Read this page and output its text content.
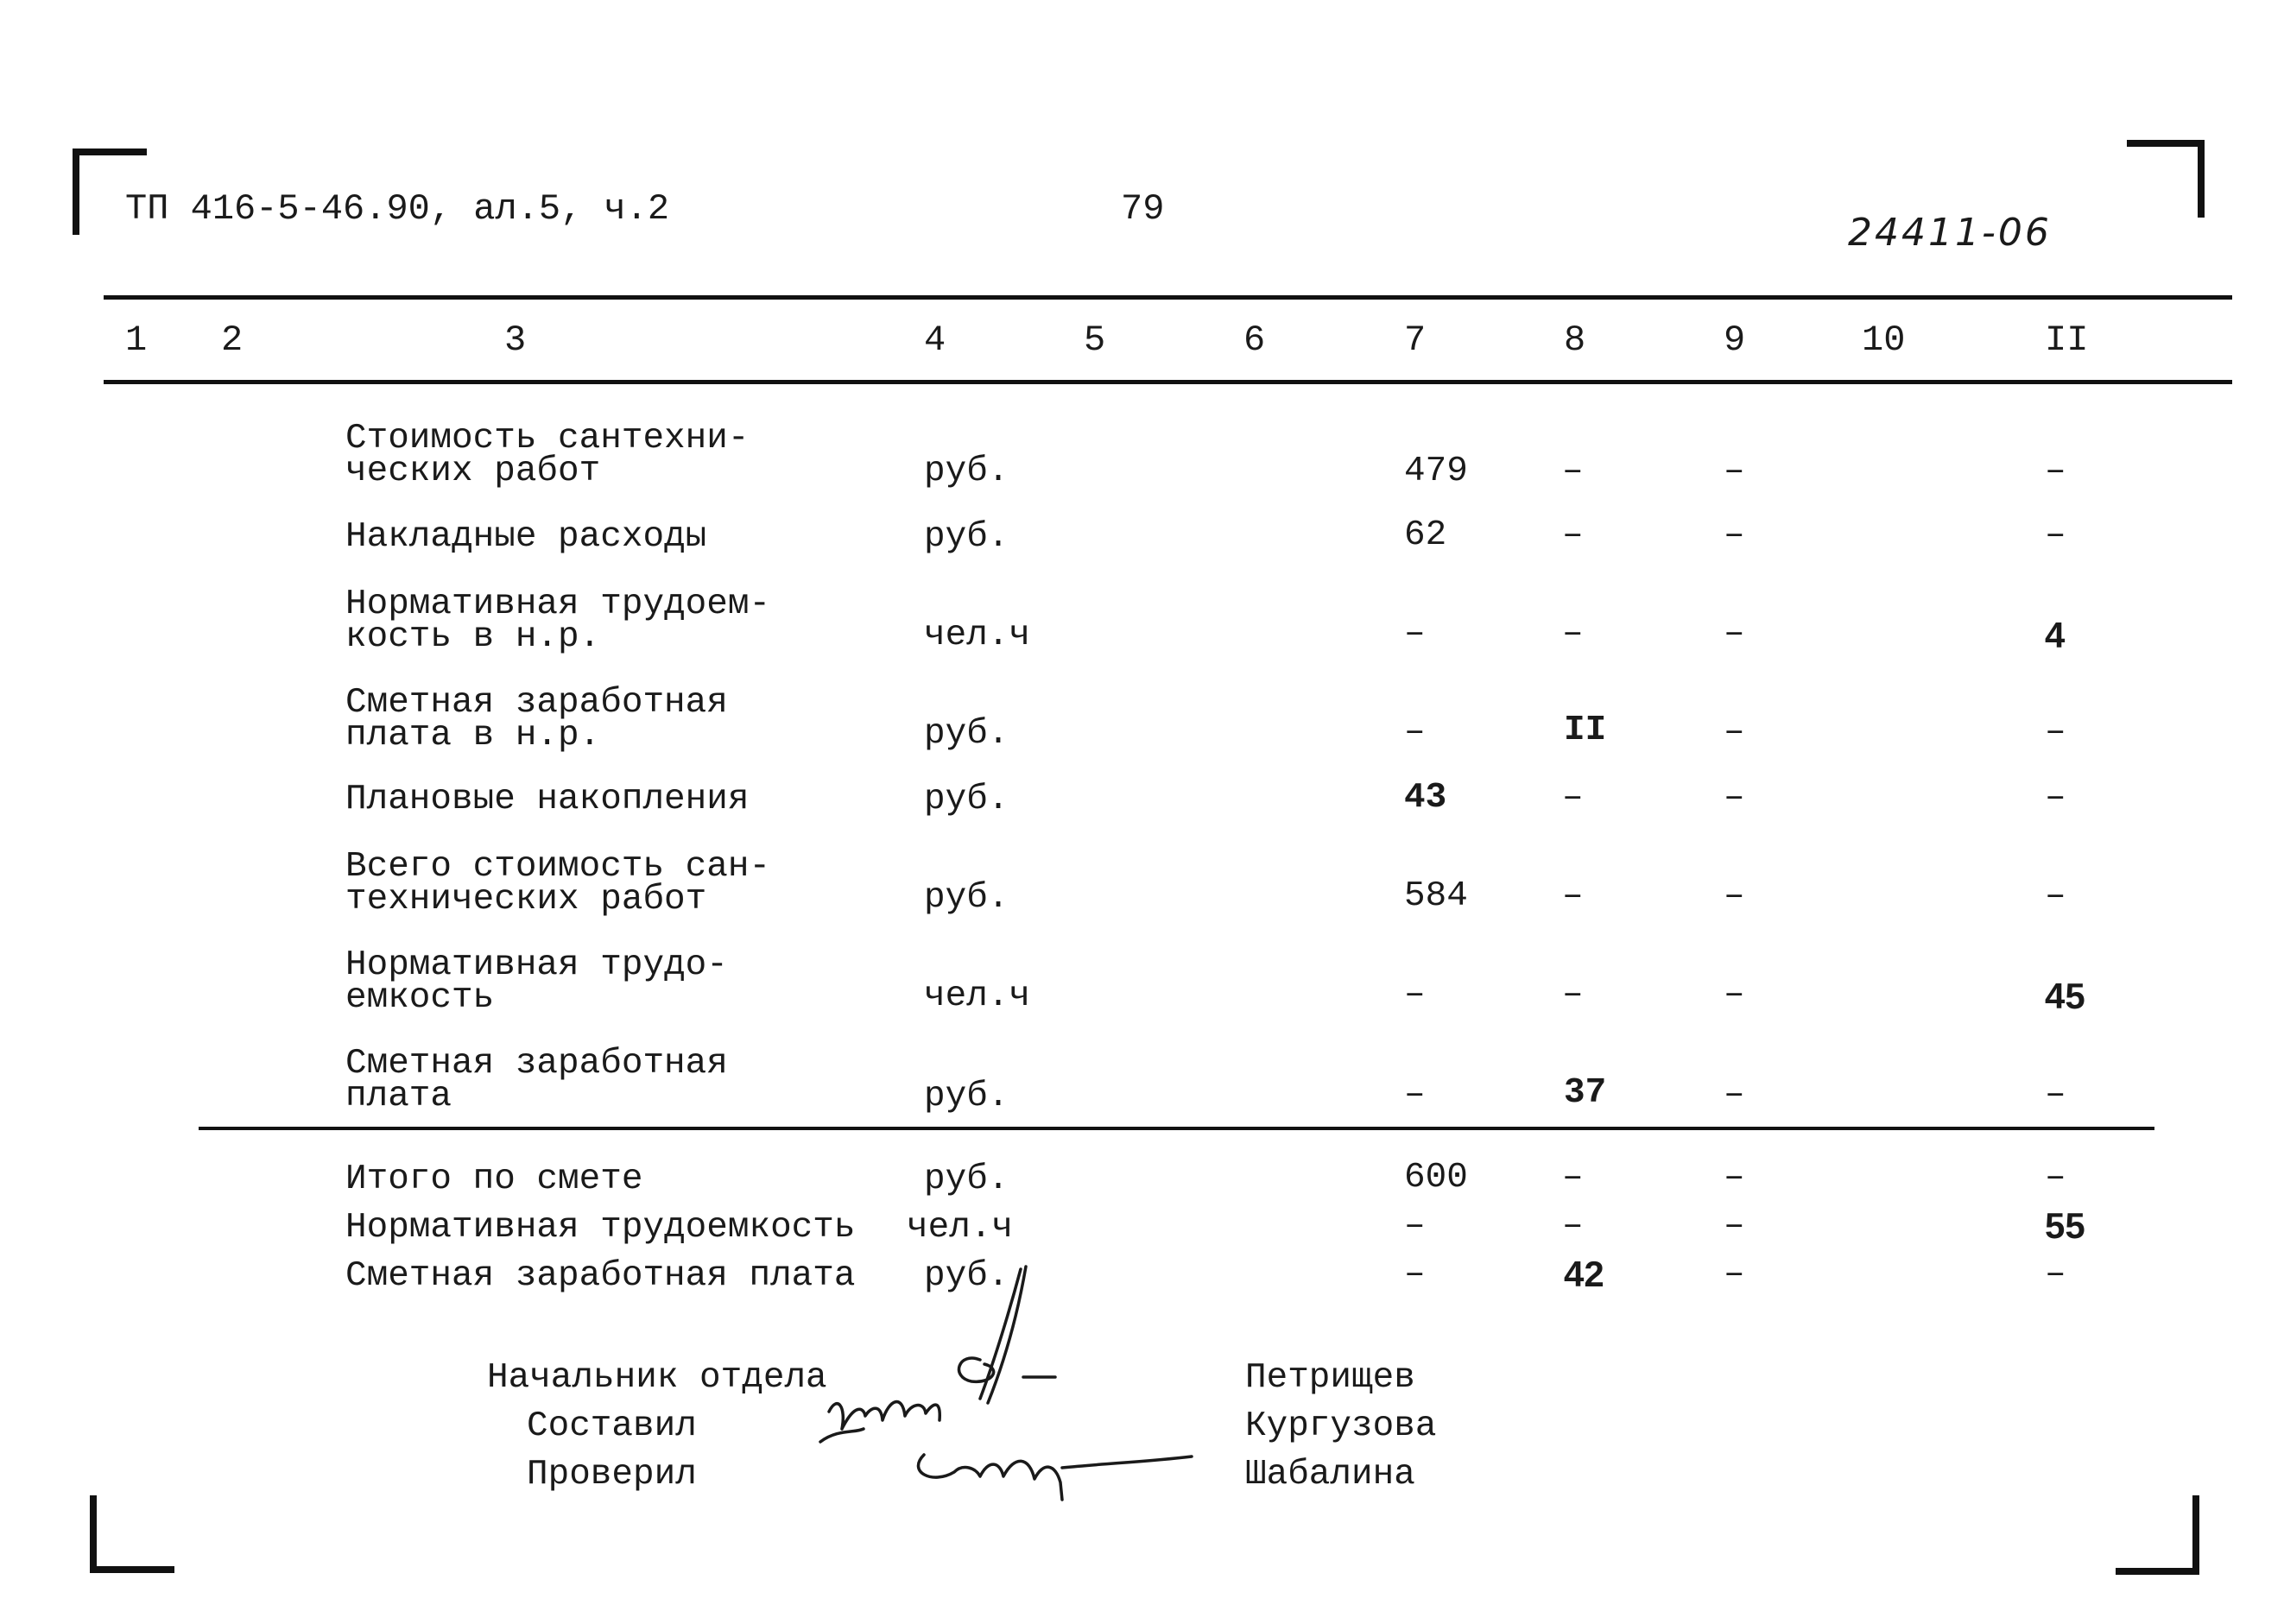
ТП 416-5-46.90, ал.5, ч.2	79
24411-06
1 2	3	4	5	6	7	8	9	10	II
Стоимость сантехни-
ческих работ	руб.	479	–	–	–
Накладные расходы	руб.	62	–	–	–
Нормативная трудоем-
кость в н.р.	чел.ч	–	–	–	4
Сметная заработная
плата в н.р.	руб.	–	II	–	–
Плановые накопления	руб.	43	–	–	–
Всего стоимость сан-
технических работ	руб.	584	–	–	–
Нормативная трудо-
емкость	чел.ч	–	–	–	45
Сметная заработная
плата	руб.	–	37	–	–
Итого по смете	руб.	600	–	–	–
Нормативная трудоемкость чел.ч	–	–	–	55
Сметная заработная плата руб.	–	42	–	–
Начальник отдела
Составил
Проверил
Петрищев
Кургузова
Шабалина
